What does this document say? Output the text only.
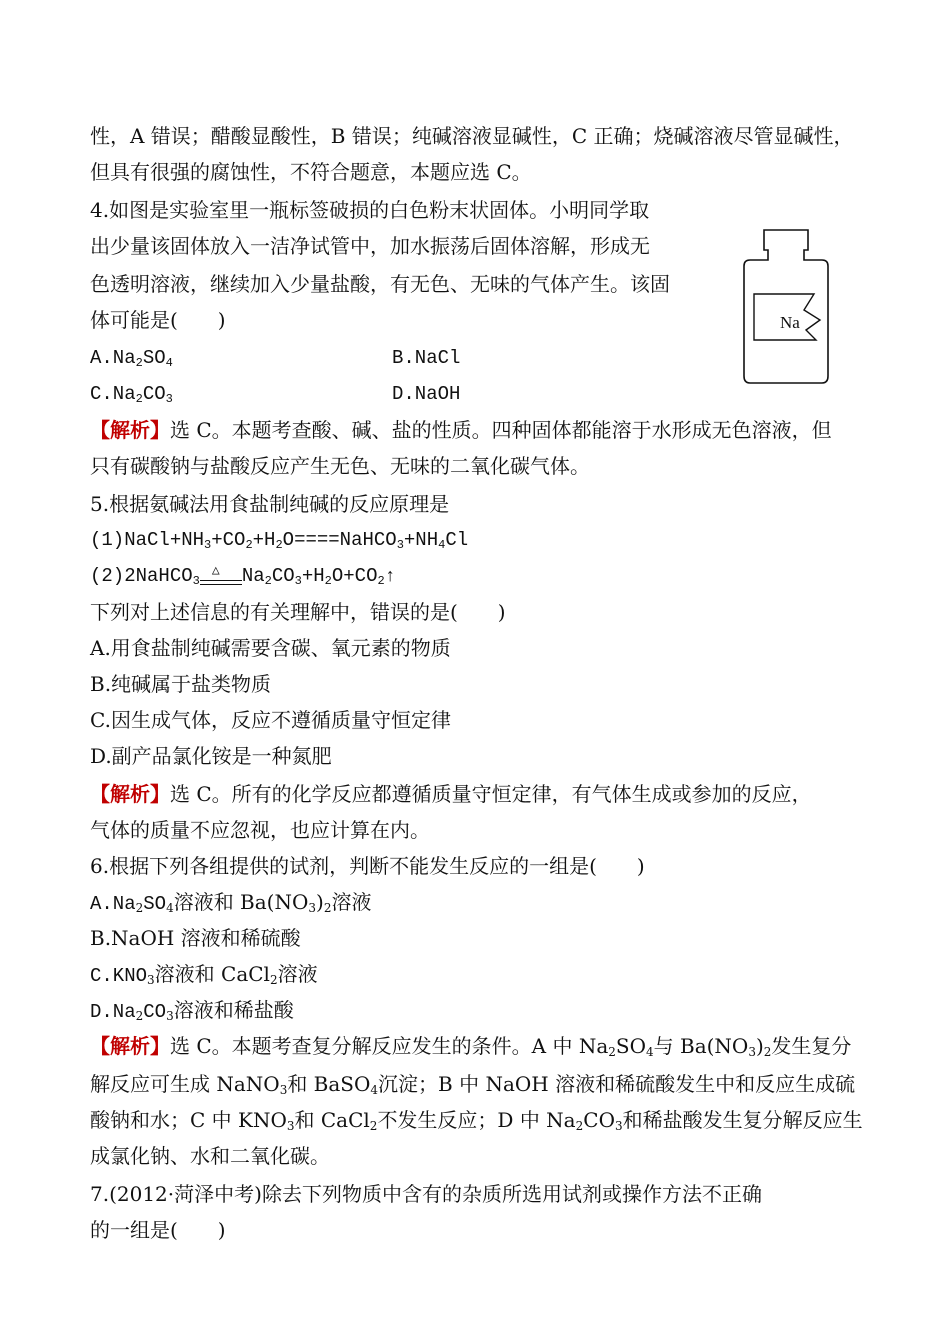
性，A 错误；醋酸显酸性，B 错误；纯碱溶液显碱性，C 正确；烧碱溶液尽管显碱性，
但具有很强的腐蚀性，不符合题意，本题应选 C。
4.如图是实验室里一瓶标签破损的白色粉末状固体。小明同学取
出少量该固体放入一洁净试管中，加水振荡后固体溶解，形成无
色透明溶液，继续加入少量盐酸，有无色、无味的气体产生。该固
体可能是(　　)
$A.Na_2SO_4$	B.NaCl
$C.Na_2CO_3$	D.NaOH
Na
【解析】选 C。本题考查酸、碱、盐的性质。四种固体都能溶于水形成无色溶液，但
只有碳酸钠与盐酸反应产生无色、无味的二氧化碳气体。
5.根据氨碱法用食盐制纯碱的反应原理是
$(1)NaCl+NH_3+CO_2+H_2O====NaHCO_3+NH_4Cl$
(2)2NaHCO$_3$
△ $Na_2CO_3+H_2O+CO_2↑$
下列对上述信息的有关理解中，错误的是(　　)
A.用食盐制纯碱需要含碳、氧元素的物质
B.纯碱属于盐类物质
C.因生成气体，反应不遵循质量守恒定律
D.副产品氯化铵是一种氮肥
【解析】选 C。所有的化学反应都遵循质量守恒定律，有气体生成或参加的反应，
气体的质量不应忽视，也应计算在内。
6.根据下列各组提供的试剂，判断不能发生反应的一组是(　　)
$A.Na_2SO_4$溶液和 $Ba(NO_3)_2$溶液
B.NaOH 溶液和稀硫酸
$C.KNO_3$溶液和 CaCl$_2$溶液
$D.Na_2CO_3$溶液和稀盐酸
【解析】选 C。本题考查复分解反应发生的条件。A 中 $Na_2SO_4$与 $Ba(NO_3)_2$发生复分
解反应可生成 NaNO$_3$和 BaSO$_4$沉淀；B 中 NaOH 溶液和稀硫酸发生中和反应生成硫
酸钠和水；C 中 $KNO_3$和 CaCl$_2$不发生反应；D 中 $Na_2CO_3$和稀盐酸发生复分解反应生
成氯化钠、水和二氧化碳。
7.(2012·菏泽中考)除去下列物质中含有的杂质所选用试剂或操作方法不正确
的一组是(　　)
